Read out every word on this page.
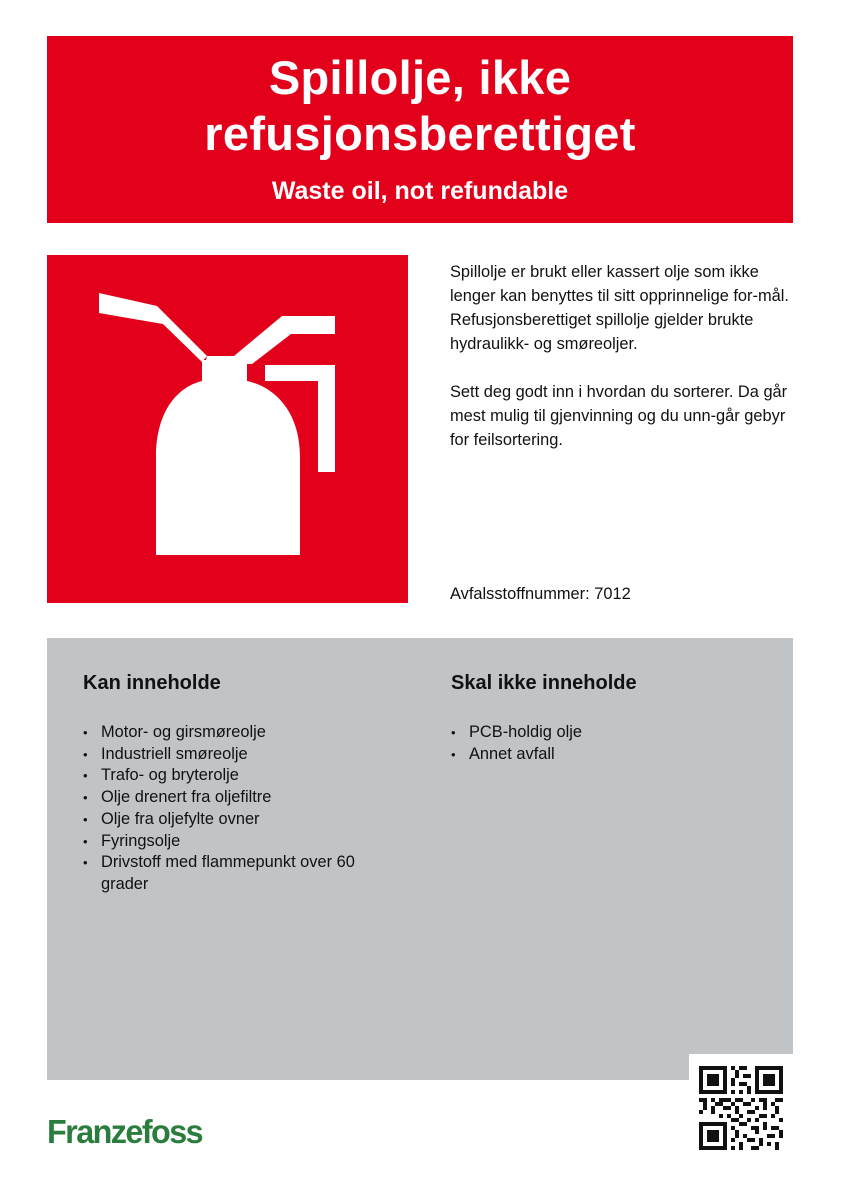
Spillolje, ikke refusjonsberettiget
Waste oil, not refundable

Spillolje er brukt eller kassert olje som ikke lenger kan benyttes til sitt opprinnelige for-mål. Refusjonsberettiget spillolje gjelder brukte hydraulikk- og smøreoljer.

Sett deg godt inn i hvordan du sorterer. Da går mest mulig til gjenvinning og du unn-går gebyr for feilsortering.

Avfalsstoffnummer: 7012
Kan inneholde
• Motor- og girsmøreolje
• Industriell smøreolje
• Trafo- og bryterolje
• Olje drenert fra oljefiltre
• Olje fra oljefylte ovner
• Fyringsolje
• Drivstoff med flammepunkt over 60 grader
Skal ikke inneholde
• PCB-holdig olje
• Annet avfall
Franzefoss
